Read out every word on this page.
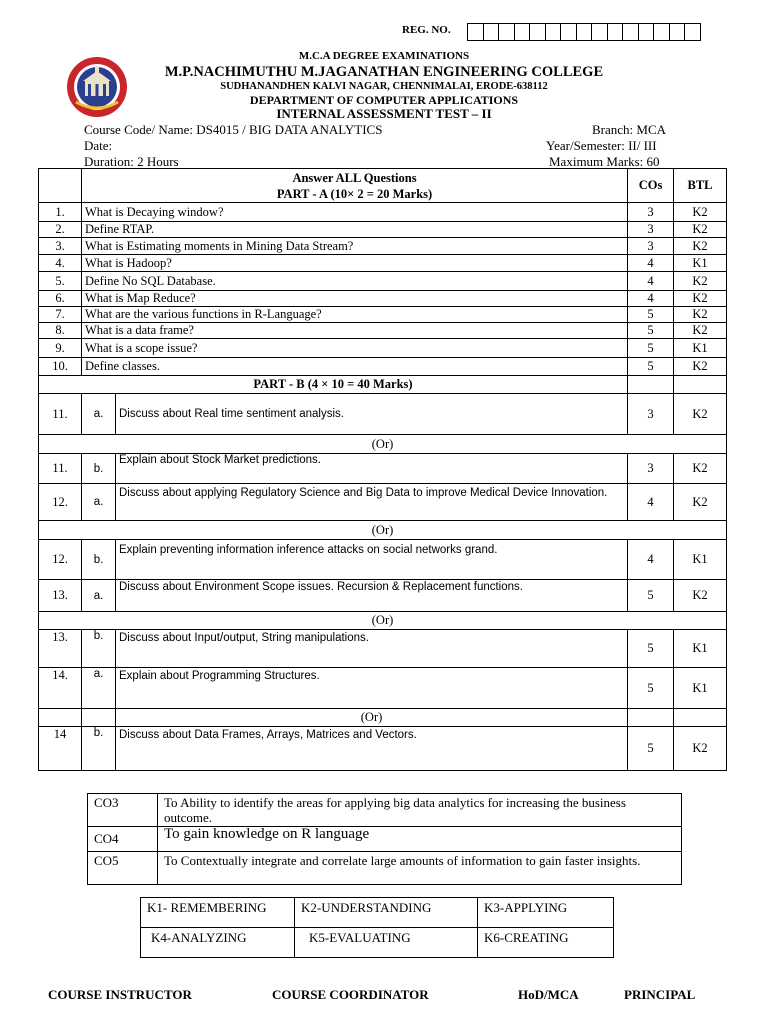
REG. NO.
M.C.A DEGREE EXAMINATIONS
M.P.NACHIMUTHU M.JAGANATHAN ENGINEERING COLLEGE
SUDHANANDHEN KALVI NAGAR, CHENNIMALAI, ERODE-638112
DEPARTMENT OF COMPUTER APPLICATIONS
INTERNAL ASSESSMENT TEST – II
Course Code/ Name: DS4015 / BIG DATA ANALYTICS	Branch: MCA
Date:	Year/Semester: II/ III
Duration: 2 Hours	Maximum Marks: 60

	Answer ALL Questions
PART - A (10× 2 = 20 Marks)		COs	BTL
1.	What is Decaying window?		3	K2
2.	Define RTAP.		3	K2
3.	What is Estimating moments in Mining Data Stream?		3	K2
4.	What is Hadoop?		4	K1
5.	Define No SQL Database.		4	K2
6.	What is Map Reduce?		4	K2
7.	What are the various functions in R-Language?		5	K2
8.	What is a data frame?		5	K2
9.	What is a scope issue?		5	K1
10.	Define classes.		5	K2
PART - B (4 × 10 = 40 Marks)				
11.	a.	Discuss about Real time sentiment analysis.	3	K2
(Or)				
11.	b.	Explain about Stock Market predictions.	3	K2
12.	a.	Discuss about applying Regulatory Science and Big Data to improve Medical Device Innovation.	4	K2
(Or)				
12.	b.	Explain preventing information inference attacks on social networks grand.	4	K1
13.	a.	Discuss about Environment Scope issues. Recursion & Replacement functions.	5	K2
(Or)				
13.	b.	Discuss about Input/output, String manipulations.	5	K1
14.	a.	Explain about Programming Structures.	5	K1
		(Or)		
14	b.	Discuss about Data Frames, Arrays, Matrices and Vectors.	5	K2
CO3	To Ability to identify the areas for applying big data analytics for increasing the business outcome.
CO4	To gain knowledge on R language
CO5	To Contextually integrate and correlate large amounts of information to gain faster insights.
K1- REMEMBERING	K2-UNDERSTANDING	K3-APPLYING
K4-ANALYZING	K5-EVALUATING	K6-CREATING
COURSE INSTRUCTOR	COURSE COORDINATOR	HoD/MCA	PRINCIPAL
